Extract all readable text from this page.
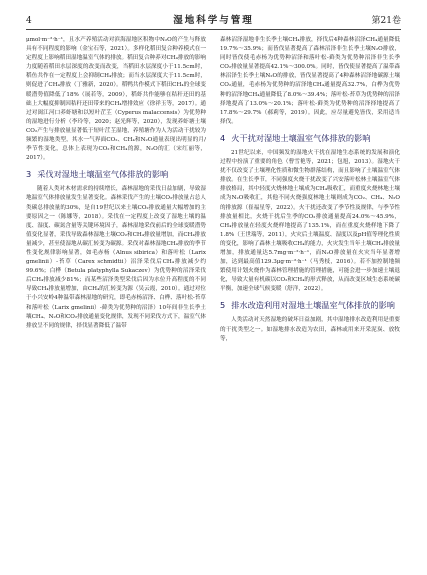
4	湿地科学与管理	第21卷

μmol·m⁻²·h⁻¹，且水产养殖活动对滨海湿地区积物中N₂O的产生与释放具有不同程度的影响（金宝石等，2021）。多样化稻田复合种养模式在一定程度上影响稻田湿地温室气体的排放。稻田复合种养对CH₄排放的影响力度随着稻田水层深度的改变而改变，当稻田水层深度小于11.5cm时，稻鱼共作在一定程度上会抑制CH₄排放；而当水层深度大于11.5cm时，则促进了CH₄排放（丁雅新，2020）。稻鸭共作模式下稻田CH₄的全球变暖潜势值降低了18%（展若等，2009），稻虾共作能够在秸秆还田的基础上大幅度抑制因秸秆还田带来的CH₄增排效应（徐祥玉等，2017）。通过对闽江河口养虾塘和以短叶茳芏（Cyperus malaccensis）为优势种的湿地进行分析（李玲等，2020；赵光辉等，2020），发现养虾塘土壤CO₂产生与排放量显著低于短叶茳芏湿地，养殖塘作为人为活动干扰较为频繁的湿地类型，其水一气界面CO₂、CH₄和N₂O通量表现出明显的月/季节性变化，总体上表现为CO₂和CH₄的源，N₂O的汇（宋红丽等，2017）。

3 采伐对湿地土壤温室气体排放的影响

随着人类对木材需求的持续增长，森林湿地的采伐日益加剧，导致湿地温室气体排放量发生显著变化。森林采伐产生的土壤CO₂排放量占总人类碳总排放量的30%，是自19世纪以来土壤CO₂排放通量大幅增加的主要原因之一（陈娜等，2018）。采伐在一定程度上改变了湿地土壤的温度、湿度、碳氮含量等关键环境因子，森林湿地采伐前后的全球变暖潜势值变化显著，采伐导致森林湿地土壤CO₂和CH₄排放量增加，而CH₄排放量减少，甚至使湿地从碳汇转变为碳源。采伐对森林湿地CH₄排放的季节性变化规律影响显著，如毛赤杨（Alnus sibirica）和落叶松（Larix gmelinii）-苔草（Carex schmidtii）沼泽采伐后CH₄排放减少约99.6%；白桦（Betula platyphylla Sukaczev）为优势种的沼泽采伐后CH₄排放减少81%；而某些沼泽类型采伐后因为水位升高程度的不同导致CH₄排放量增加，由CH₄的汇转变为源（吴云霞，2010）。通过对位于小兴安岭4种温带森林湿地的研究，即毛赤杨沼泽、白桦、落叶松-苔草和落叶松（Larix gmelinii）-藓类为优势种的沼泽）10年间非生长季土壤CH₄、N₂O和CO₂排放通量变化规律，发现不同采伐方式下，温室气体排放呈不同的规律，择伐显著降低了温带

森林沼泽湿地非生长季土壤CH₄排放，择伐后4种森林沼泽CH₄通量降低19.7%～35.9%；而皆伐显著提高了森林沼泽非生长季土壤N₂O排放，同时皆伐使毛赤杨为优势种沼泽和落叶松-藓类为优势种沼泽非生长季CO₂排放量显著提高42.1%～300.0%。同时，皆伐使显著提高了温带森林沼泽生长季土壤N₂O的排放，皆伐显著提高了4种森林沼泽地碳源土壤CO₂通量，毛赤杨为优势种的沼泽地CH₄通量提高32.7%，白桦为优势种的沼泽地CH₄通量降低了8.0%～39.4%；落叶松-苔草为优势种的沼泽择地提高了13.0%～20.1%；落叶松-藓类为优势种的沼泽择地提高了17.8%～29.7%（郝莉等，2019）。因此，应尽量避免皆伐，采用适当择伐。

4 火干扰对湿地土壤温室气体排放的影响

21世纪以来，中国频发的湿地火干扰在湿地生态系统的发展和演化过程中扮演了重要的角色（曹雪艳等，2021；包旭，2013）。湿地火干扰不仅改变了土壤理化性质和微生物群落结构，而且影响了土壤温室气体排放。在生长季节，不同强度火烧干扰改变了兴安落叶松林土壤温室气体排放格局，其中轻度火烧林地土壤成为CH₄吸收汇，而重度火烧林地土壤成为N₂O吸收汇，其他不同火烧强度林地土壤则成为CO₂、CH₄、N₂O的排放源（崔福星等，2022）。火干扰还改变了季节性及规律，与季节性排放量相比，火烧干扰后生季的CO₂排放通量提高24.0%～45.9%，CH₄排放量在轻度火烧样地提高了135.1%，而在重度火烧样地下降了1.8%（王世瑞等，2011），火灾后土壤温度、湿度以及pH值等理化性质的变化，影响了森林土壤吸收CH₄的能力，火灾发生当年土壤CH₄排放量增加，排放通量达5.7mg·m⁻²·h⁻¹，而N₂O排放量在火灾当年显著增加，达到最高值129.3μg·m⁻²·h⁻¹（马秀枝，2016）。若不加控制地频繁使用计划火烧作为森林管理措施的管理措施，可能会进一步加速土壤退化，导致大量有机碳以CO₂和CH₄的形式释放，从而改变区域生态系统碳平衡，加速全球气候变暖（舒洋，2022）。

5 排水改造利用对湿地土壤温室气体排放的影响

人类活动对天然湿地的破坏日益加剧，其中湿地排水改造利用是重要的干扰类型之一。如湿地排水改造为农田，森林或用来开采泥炭、放牧等，
